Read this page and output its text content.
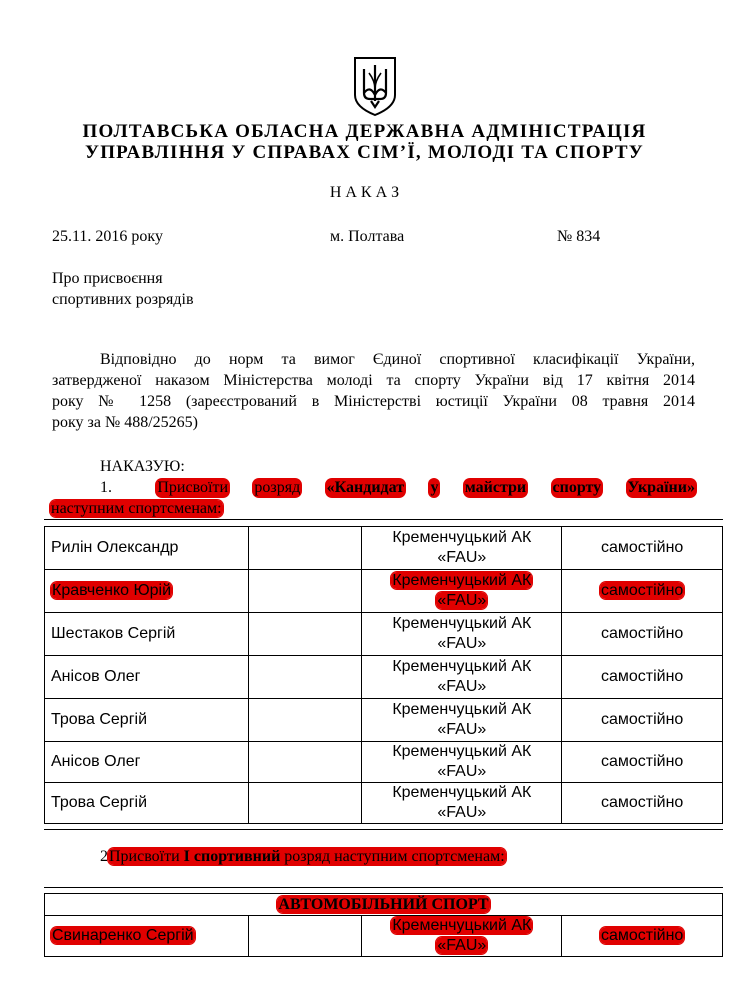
ПОЛТАВСЬКА ОБЛАСНА ДЕРЖАВНА АДМІНІСТРАЦІЯ
УПРАВЛІННЯ У СПРАВАХ СІМ’Ї, МОЛОДІ ТА СПОРТУ
Н А К А З
25.11. 2016 року	м. Полтава	№ 834
Про присвоєння
спортивних розрядів
Відповідно до норм та вимог Єдиної спортивної класифікації України,
затвердженої наказом Міністерства молоді та спорту України від 17 квітня 2014
року № 1258 (зареєстрований в Міністерстві юстиції України 08 травня 2014
року за № 488/25265)
НАКАЗУЮ:
1.	Присвоїти розряд «Кандидат у майстри спорту України»
наступним спортсменам:
Рилін Олександр		Кременчуцький АК
«FAU»	самостійно
Кравченко Юрій		Кременчуцький АК
«FAU»	самостійно
Шестаков Сергій		Кременчуцький АК
«FAU»	самостійно
Анісов Олег		Кременчуцький АК
«FAU»	самостійно
Трова Сергій		Кременчуцький АК
«FAU»	самостійно
Анісов Олег		Кременчуцький АК
«FAU»	самостійно
Трова Сергій		Кременчуцький АК
«FAU»	самостійно
2Присвоїти І спортивний розряд наступним спортсменам:
АВТОМОБІЛЬНИЙ СПОРТ
Свинаренко Сергій		Кременчуцький АК
«FAU»	самостійно
